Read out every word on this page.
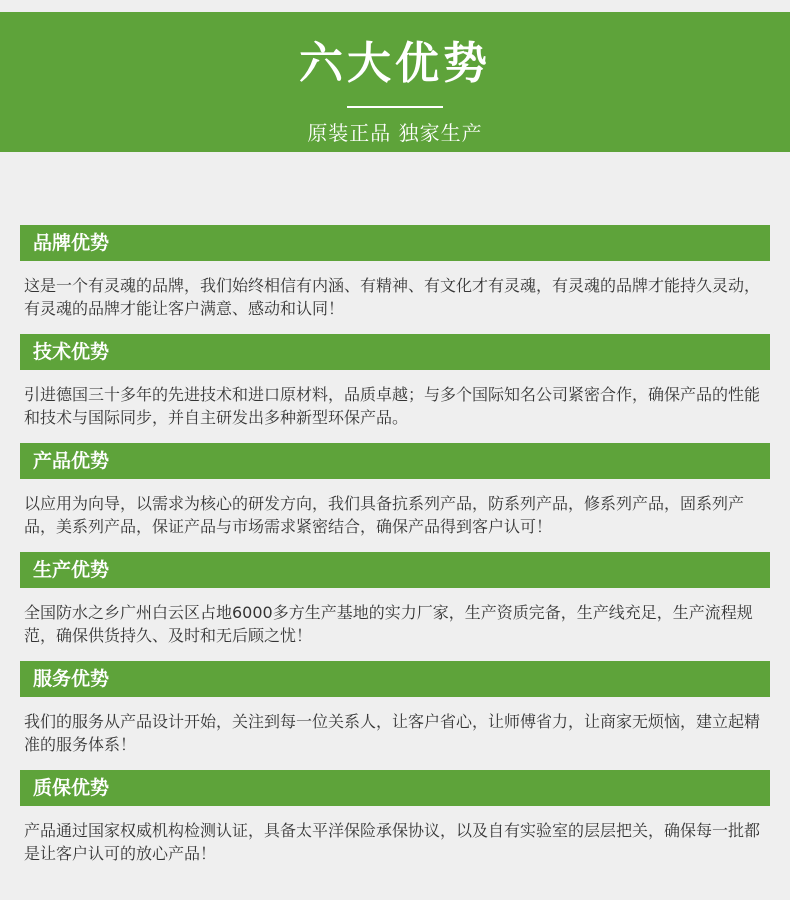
六大优势
原装正品 独家生产
品牌优势
这是一个有灵魂的品牌，我们始终相信有内涵、有精神、有文化才有灵魂，有灵魂的品牌才能持久灵动，有灵魂的品牌才能让客户满意、感动和认同！
技术优势
引进德国三十多年的先进技术和进口原材料，品质卓越；与多个国际知名公司紧密合作，确保产品的性能和技术与国际同步，并自主研发出多种新型环保产品。
产品优势
以应用为向导，以需求为核心的研发方向，我们具备抗系列产品，防系列产品，修系列产品，固系列产品，美系列产品，保证产品与市场需求紧密结合，确保产品得到客户认可！
生产优势
全国防水之乡广州白云区占地6000多方生产基地的实力厂家，生产资质完备，生产线充足，生产流程规范，确保供货持久、及时和无后顾之忧！
服务优势
我们的服务从产品设计开始，关注到每一位关系人，让客户省心，让师傅省力，让商家无烦恼，建立起精准的服务体系！
质保优势
产品通过国家权威机构检测认证，具备太平洋保险承保协议，以及自有实验室的层层把关，确保每一批都是让客户认可的放心产品！
